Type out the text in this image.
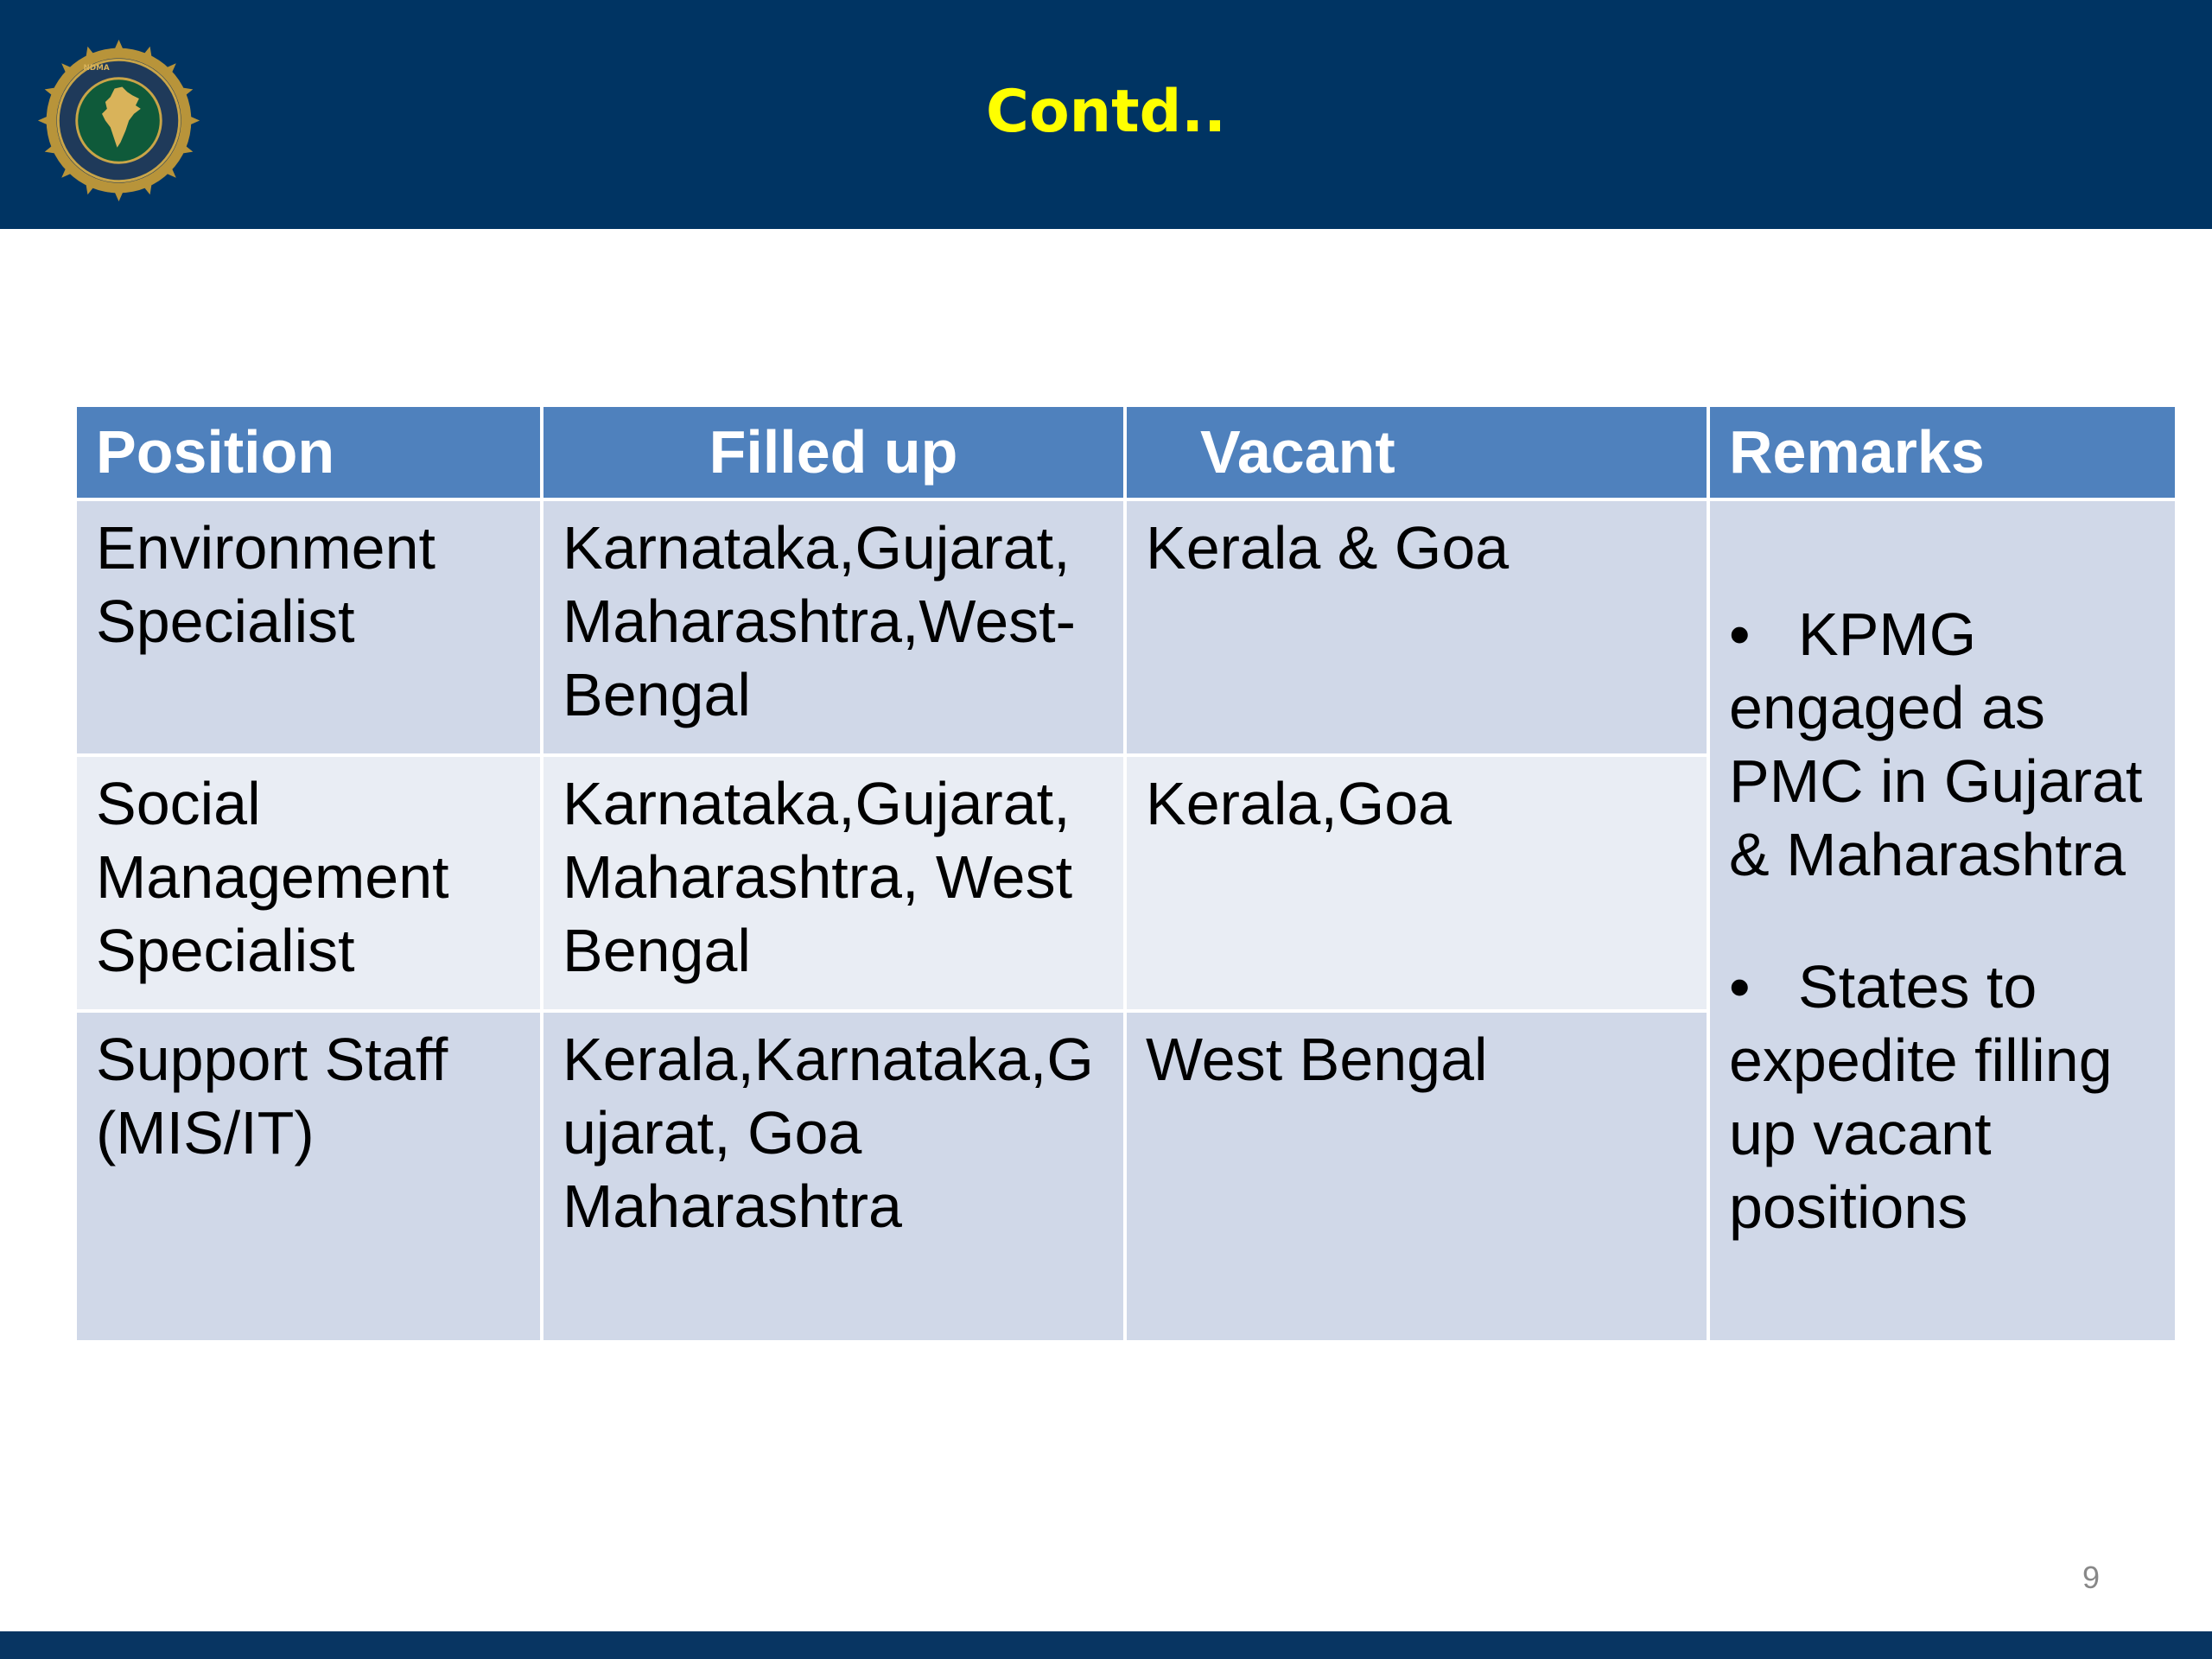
NDMA
Contd..
Position	Filled up	Vacant	Remarks
Environment Specialist	Karnataka,Gujarat, Maharashtra,West-Bengal	Kerala & Goa	• KPMG engaged as PMC in Gujarat & Maharashtra
• States to expedite filling up vacant positions

Social Management Specialist	Karnataka,Gujarat, Maharashtra, West Bengal	Kerala,Goa	
Support Staff (MIS/IT)	Kerala,Karnataka,Gujarat, Goa Maharashtra	West Bengal	
9
